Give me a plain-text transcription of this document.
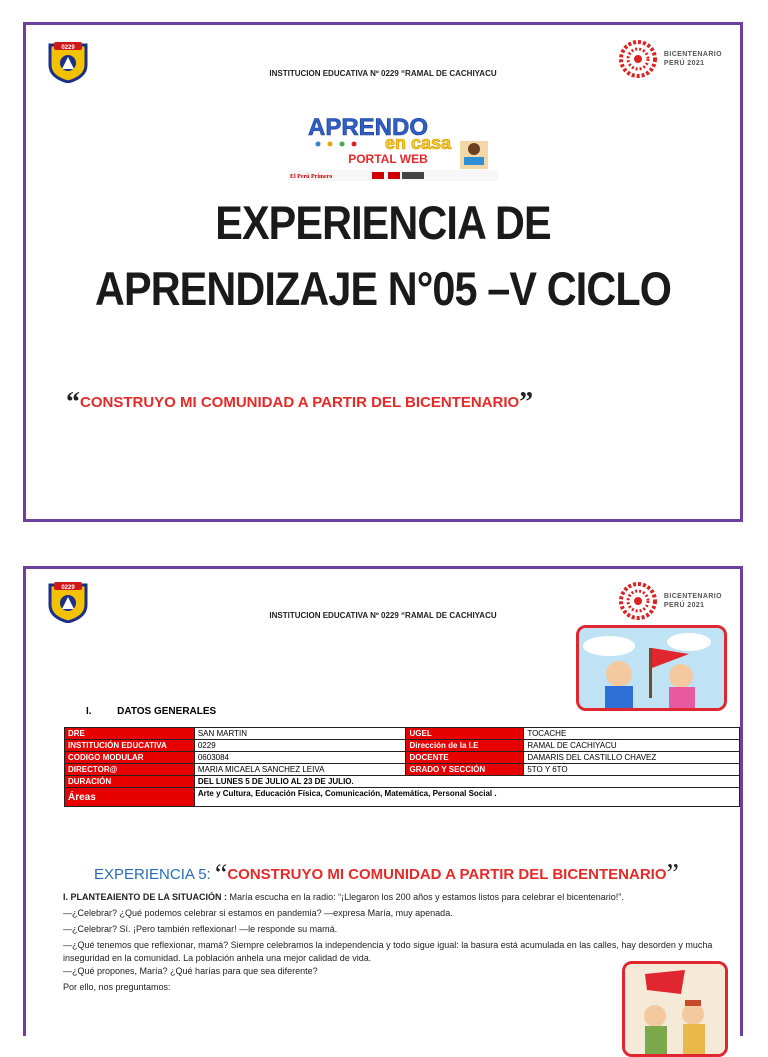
0229
BICENTENARIO
PERÚ 2021
INSTITUCION EDUCATIVA Nº 0229 “RAMAL DE CACHIYACU
APRENDO
en casa
PORTAL WEB
El Perú Primero
EXPERIENCIA DE
APRENDIZAJE N°05 –V CICLO
“CONSTRUYO MI COMUNIDAD A PARTIR DEL BICENTENARIO”
0229
BICENTENARIO
PERÚ 2021
INSTITUCION EDUCATIVA Nº 0229 “RAMAL DE CACHIYACU
I.	DATOS GENERALES
DRE	SAN MARTIN	UGEL	TOCACHE
INSTITUCIÓN EDUCATIVA	0229	Dirección de la I.E	RAMAL DE CACHIYACU
CODIGO MODULAR	0603084	DOCENTE	DAMARIS DEL CASTILLO CHAVEZ
DIRECTOR@	MARIA MICAELA SANCHEZ LEIVA	GRADO Y SECCIÓN	5TO Y 6TO
DURACIÓN	DEL LUNES 5 DE JULIO AL 23 DE JULIO.		
Áreas	Arte y Cultura, Educación Física, Comunicación, Matemática, Personal Social .		
EXPERIENCIA 5: “CONSTRUYO MI COMUNIDAD A PARTIR DEL BICENTENARIO”

I. PLANTEAIENTO DE LA SITUACIÓN : María escucha en la radio: “¡Llegaron los 200 años y estamos listos para celebrar el bicentenario!”.

—¿Celebrar? ¿Qué podemos celebrar si estamos en pandemia? —expresa María, muy apenada.

—¿Celebrar? Sí. ¡Pero también reflexionar! —le responde su mamá.

—¿Qué tenemos que reflexionar, mamá? Siempre celebramos la independencia y todo sigue igual: la basura está acumulada en las calles, hay desorden y mucha inseguridad en la comunidad. La población anhela una mejor calidad de vida.

—¿Qué propones, María? ¿Qué harías para que sea diferente?

Por ello, nos preguntamos:
